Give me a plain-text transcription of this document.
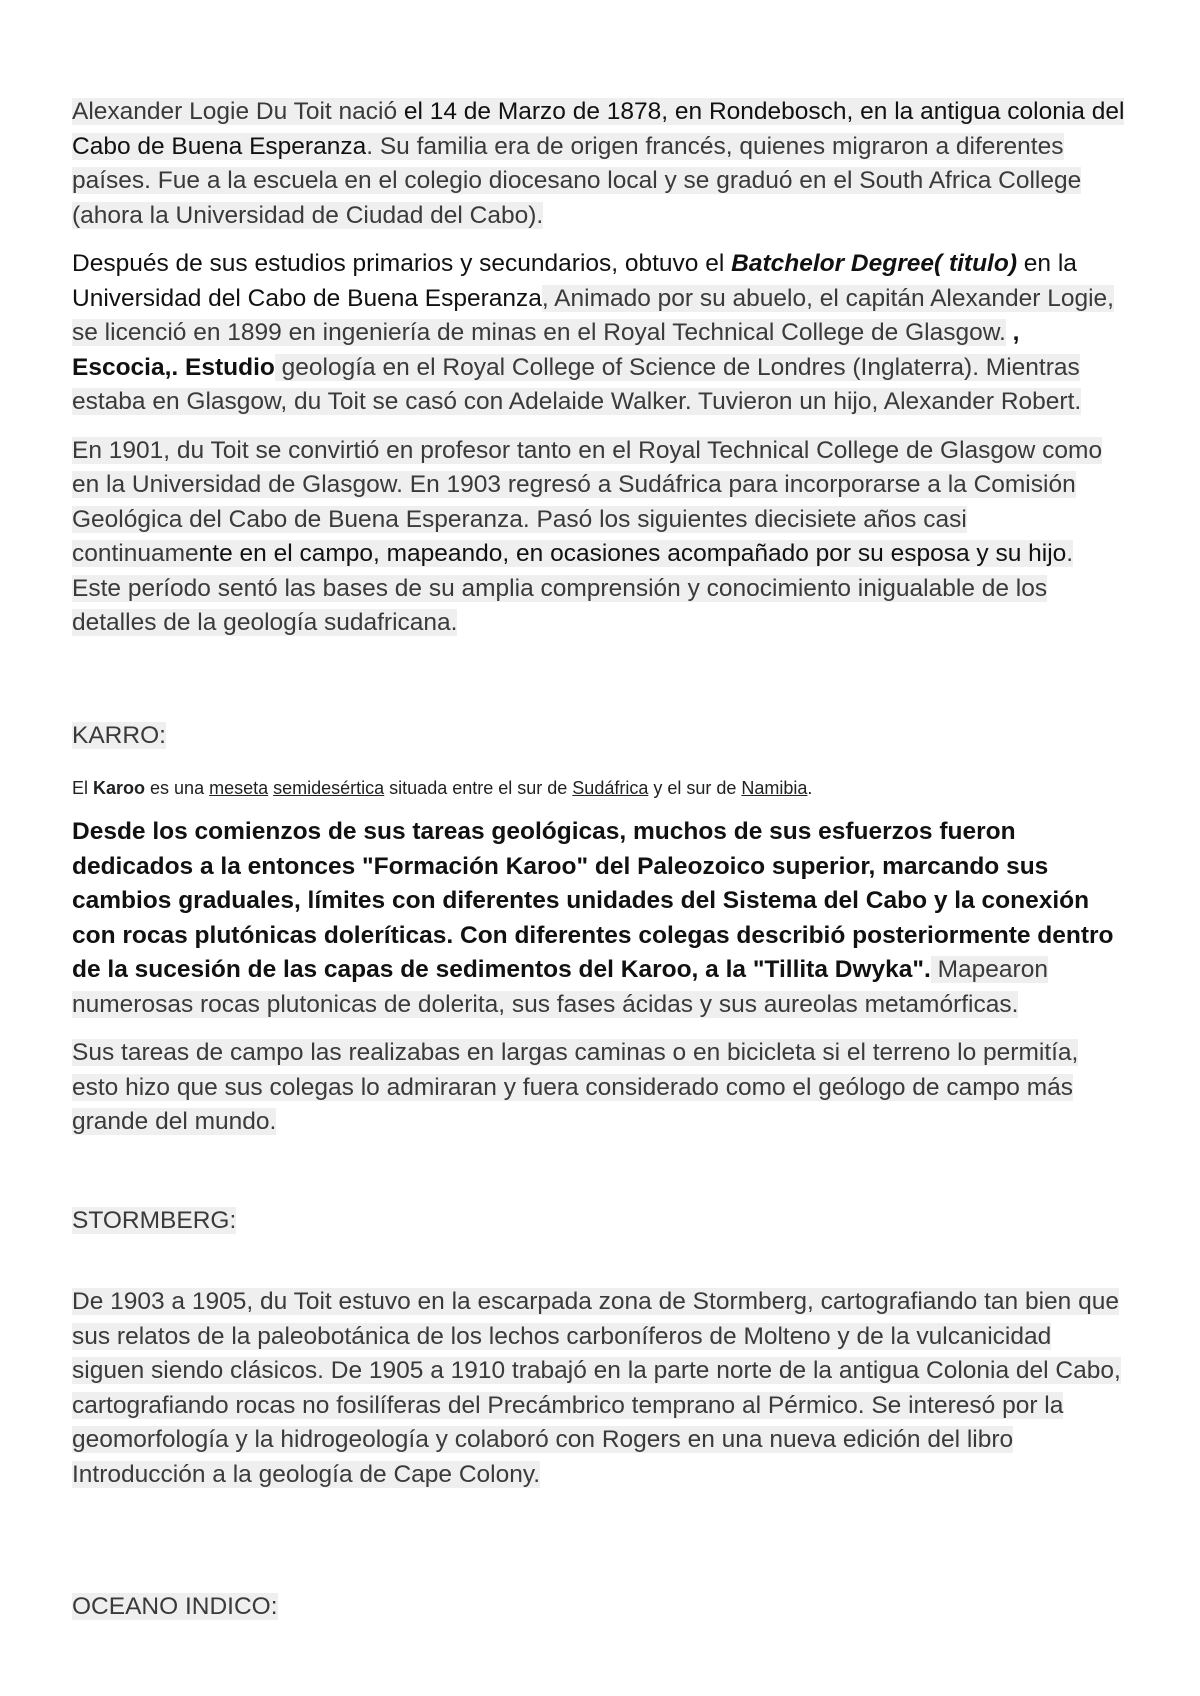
Alexander Logie Du Toit nació el 14 de Marzo de 1878, en Rondebosch, en la antigua colonia del Cabo de Buena Esperanza. Su familia era de origen francés, quienes migraron a diferentes países. Fue a la escuela en el colegio diocesano local y se graduó en el South Africa College (ahora la Universidad de Ciudad del Cabo).

Después de sus estudios primarios y secundarios, obtuvo el Batchelor Degree( titulo) en la Universidad del Cabo de Buena Esperanza, Animado por su abuelo, el capitán Alexander Logie, se licenció en 1899 en ingeniería de minas en el Royal Technical College de Glasgow. , Escocia,. Estudio geología en el Royal College of Science de Londres (Inglaterra). Mientras estaba en Glasgow, du Toit se casó con Adelaide Walker. Tuvieron un hijo, Alexander Robert.

En 1901, du Toit se convirtió en profesor tanto en el Royal Technical College de Glasgow como en la Universidad de Glasgow. En 1903 regresó a Sudáfrica para incorporarse a la Comisión Geológica del Cabo de Buena Esperanza. Pasó los siguientes diecisiete años casi continuamente en el campo, mapeando, en ocasiones acompañado por su esposa y su hijo. Este período sentó las bases de su amplia comprensión y conocimiento inigualable de los detalles de la geología sudafricana.

KARRO:

El Karoo es una meseta semidesértica situada entre el sur de Sudáfrica y el sur de Namibia.

Desde los comienzos de sus tareas geológicas, muchos de sus esfuerzos fueron dedicados a la entonces "Formación Karoo" del Paleozoico superior, marcando sus cambios graduales, límites con diferentes unidades del Sistema del Cabo y la conexión con rocas plutónicas doleríticas. Con diferentes colegas describió posteriormente dentro de la sucesión de las capas de sedimentos del Karoo, a la "Tillita Dwyka". Mapearon numerosas rocas plutonicas de dolerita, sus fases ácidas y sus aureolas metamórficas.

Sus tareas de campo las realizabas en largas caminas o en bicicleta si el terreno lo permitía, esto hizo que sus colegas lo admiraran y fuera considerado como el geólogo de campo más grande del mundo.

STORMBERG:

De 1903 a 1905, du Toit estuvo en la escarpada zona de Stormberg, cartografiando tan bien que sus relatos de la paleobotánica de los lechos carboníferos de Molteno y de la vulcanicidad siguen siendo clásicos. De 1905 a 1910 trabajó en la parte norte de la antigua Colonia del Cabo, cartografiando rocas no fosilíferas del Precámbrico temprano al Pérmico. Se interesó por la geomorfología y la hidrogeología y colaboró con Rogers en una nueva edición del libro Introducción a la geología de Cape Colony.

OCEANO INDICO:
